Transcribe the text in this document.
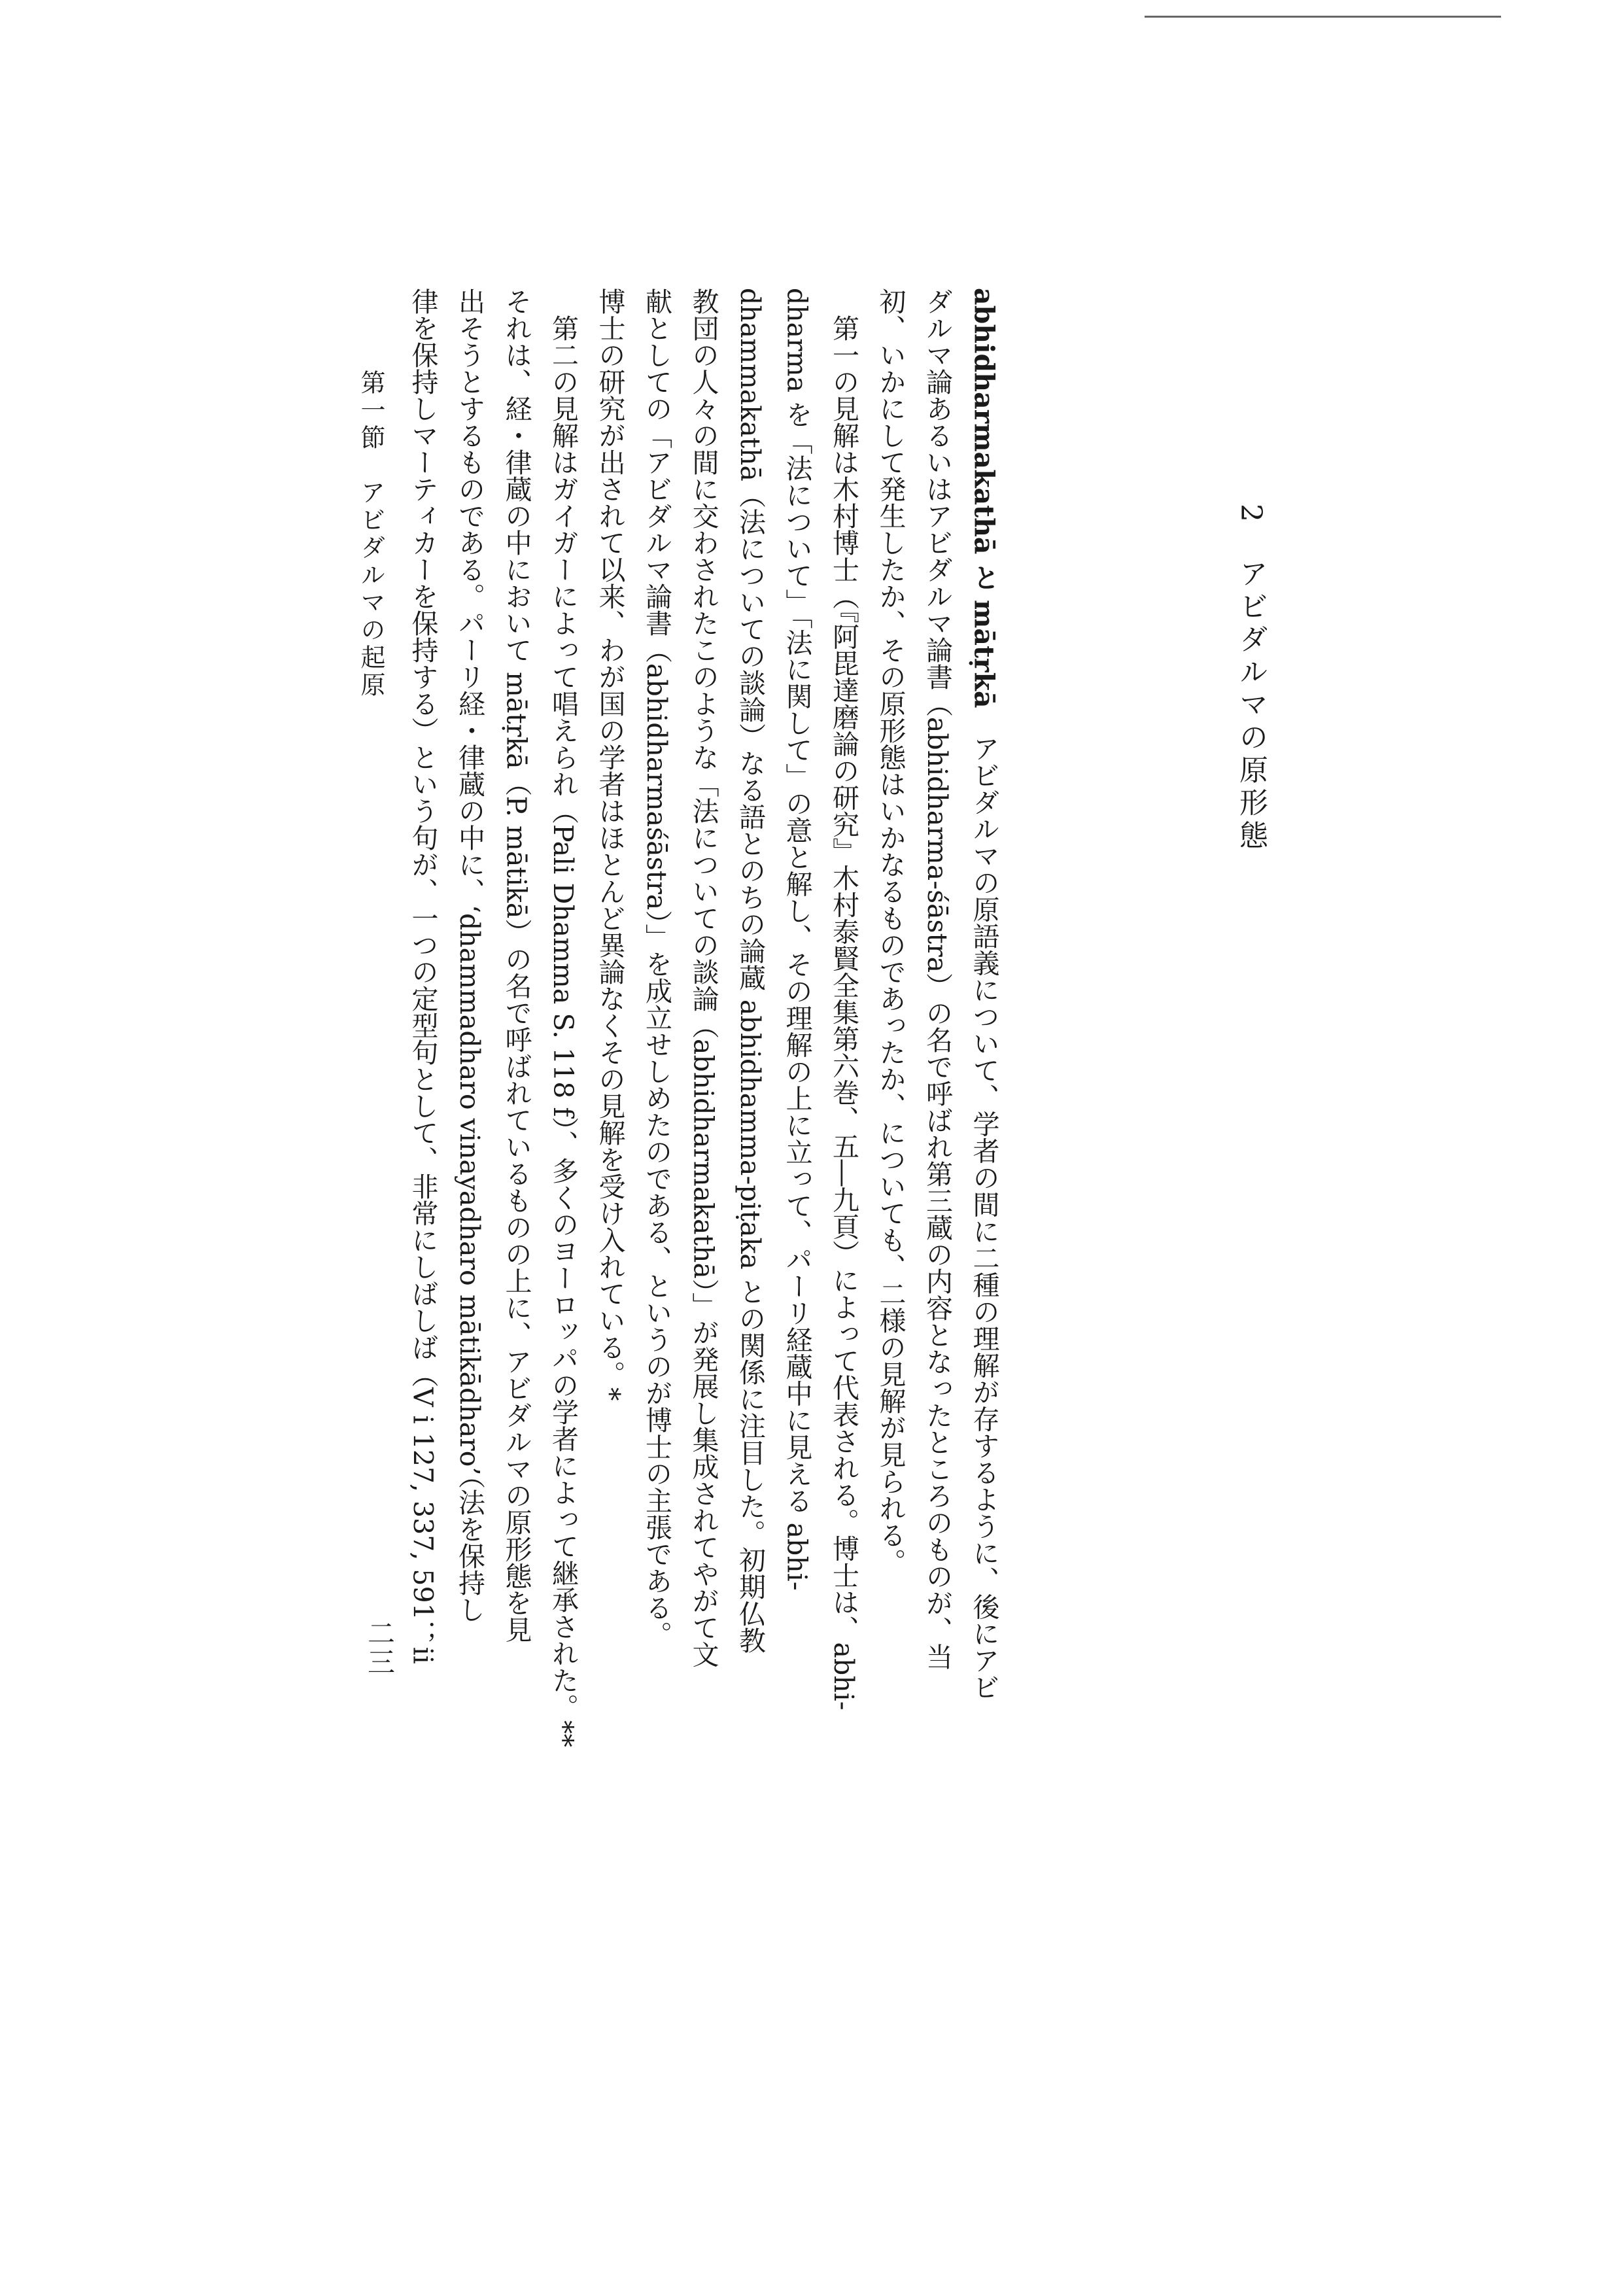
2　アビダルマの原形態
abhidharmakathā と mātṛkā　アビダルマの原語義について、学者の間に二種の理解が存するように、後にアビ
ダルマ論あるいはアビダルマ論書（abhidharma-śāstra）の名で呼ばれ第三蔵の内容となったところのものが、当
初、いかにして発生したか、その原形態はいかなるものであったか、についても、二様の見解が見られる。
　第一の見解は木村博士（『阿毘達磨論の研究』木村泰賢全集第六巻、五―九頁）によって代表される。博士は、abhi-
dharma を「法について」「法に関して」の意と解し、その理解の上に立って、パーリ経蔵中に見える abhi-
dhammakathā（法についての談論）なる語とのちの論蔵 abhidhamma-piṭaka との関係に注目した。初期仏教
教団の人々の間に交わされたこのような「法についての談論（abhidharmakathā）」が発展し集成されてやがて文
献としての「アビダルマ論書（abhidharmaśāstra）」を成立せしめたのである、というのが博士の主張である。
博士の研究が出されて以来、わが国の学者はほとんど異論なくその見解を受け入れている。*
　第二の見解はガイガーによって唱えられ（Pali Dhamma S. 118 f）、多くのヨーロッパの学者によって継承された。**
それは、経・律蔵の中において mātṛkā（P. mātikā）の名で呼ばれているものの上に、アビダルマの原形態を見
出そうとするものである。パーリ経・律蔵の中に、‘dhammadharo vinayadharo mātikādharo’（法を保持し
律を保持しマーティカーを保持する）という句が、一つの定型句として、非常にしばしば（V i 127, 337, 591；ii
二三
第一節　アビダルマの起原
